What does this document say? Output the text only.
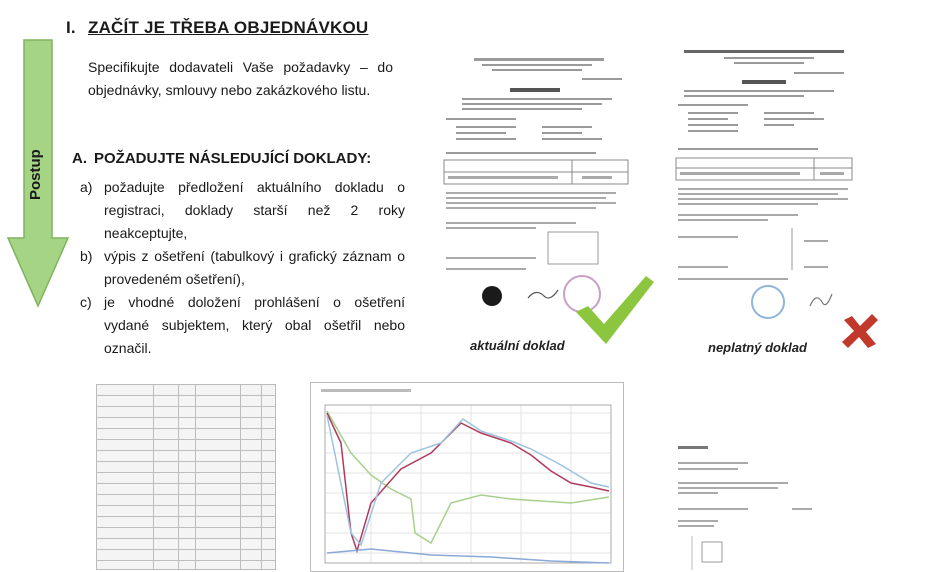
Postup
I. ZAČÍT JE TŘEBA OBJEDNÁVKOU
Specifikujte dodavateli Vaše požadavky – do objednávky, smlouvy nebo zakázkového listu.
A. POŽADUJTE NÁSLEDUJÍCÍ DOKLADY:
a) požadujte předložení aktuálního dokladu o registraci, doklady starší než 2 roky neakceptujte,
b) výpis z ošetření (tabulkový i grafický záznam o provedeném ošetření),
c) je vhodné doložení prohlášení o ošetření vydané subjektem, který obal ošetřil nebo označil.	aktuální doklad	neplatný doklad
